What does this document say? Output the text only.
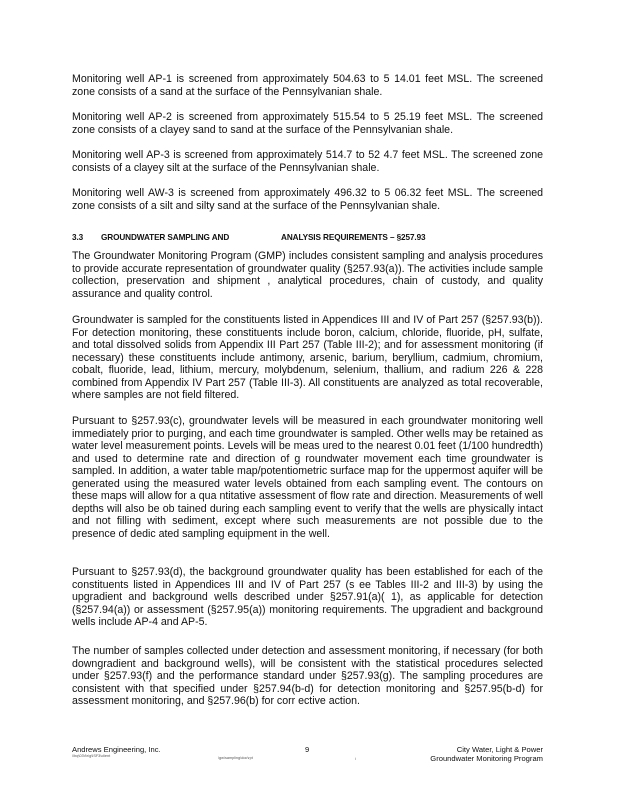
Monitoring well AP-1 is screened from approximately 504.63 to 5 14.01 feet MSL. The screened zone consists of a sand at the surface of the Pennsylvanian shale.

Monitoring well AP-2 is screened from approximately 515.54 to 5 25.19 feet MSL. The screened zone consists of a clayey sand to sand at the surface of the Pennsylvanian shale.

Monitoring well AP-3 is screened from approximately 514.7 to 52 4.7 feet MSL. The screened zone consists of a clayey silt at the surface of the Pennsylvanian shale.

Monitoring well AW-3 is screened from approximately 496.32 to 5 06.32 feet MSL. The screened zone consists of a silt and silty sand at the surface of the Pennsylvanian shale.

3.3 GROUNDWATER SAMPLING AND	ANALYSIS REQUIREMENTS – §257.93

The Groundwater Monitoring Program (GMP) includes consistent sampling and analysis procedures to provide accurate representation of groundwater quality (§257.93(a)). The activities include sample collection, preservation and shipment , analytical procedures, chain of custody, and quality assurance and quality control.

Groundwater is sampled for the constituents listed in Appendices III and IV of Part 257 (§257.93(b)). For detection monitoring, these constituents include boron, calcium, chloride, fluoride, pH, sulfate, and total dissolved solids from Appendix III Part 257 (Table III-2); and for assessment monitoring (if necessary) these constituents include antimony, arsenic, barium, beryllium, cadmium, chromium, cobalt, fluoride, lead, lithium, mercury, molybdenum, selenium, thallium, and radium 226 & 228 combined from Appendix IV Part 257 (Table III-3). All constituents are analyzed as total recoverable, where samples are not field filtered.

Pursuant to §257.93(c), groundwater levels will be measured in each groundwater monitoring well immediately prior to purging, and each time groundwater is sampled. Other wells may be retained as water level measurement points. Levels will be meas ured to the nearest 0.01 feet (1/100 hundredth) and used to determine rate and direction of g roundwater movement each time groundwater is sampled. In addition, a water table map/potentiometric surface map for the uppermost aquifer will be generated using the measured water levels obtained from each sampling event. The contours on these maps will allow for a qua ntitative assessment of flow rate and direction. Measurements of well depths will also be ob tained during each sampling event to verify that the wells are physically intact and not filling with sediment, except where such measurements are not possible due to the presence of dedic ated sampling equipment in the well.

Pursuant to §257.93(d), the background groundwater quality has been established for each of the constituents listed in Appendices III and IV of Part 257 (s ee Tables III-2 and III-3) by using the upgradient and background wells described under §257.91(a)( 1), as applicable for detection (§257.94(a)) or assessment (§257.95(a)) monitoring requirements. The upgradient and background wells include AP-4 and AP-5.

The number of samples collected under detection and assessment monitoring, if necessary (for both downgradient and background wells), will be consistent with the statistical procedures selected under §257.93(f) and the performance standard under §257.93(g). The sampling procedures are consistent with that specified under §257.94(b-d) for detection monitoring and §257.95(b-d) for assessment monitoring, and §257.96(b) for corr ective action.

Andrews Engineering, Inc.
\\bq\03\f\r\g\ISF3\client
9
\gw\sampling\doc\rpt	i
City Water, Light & Power
Groundwater Monitoring Program
